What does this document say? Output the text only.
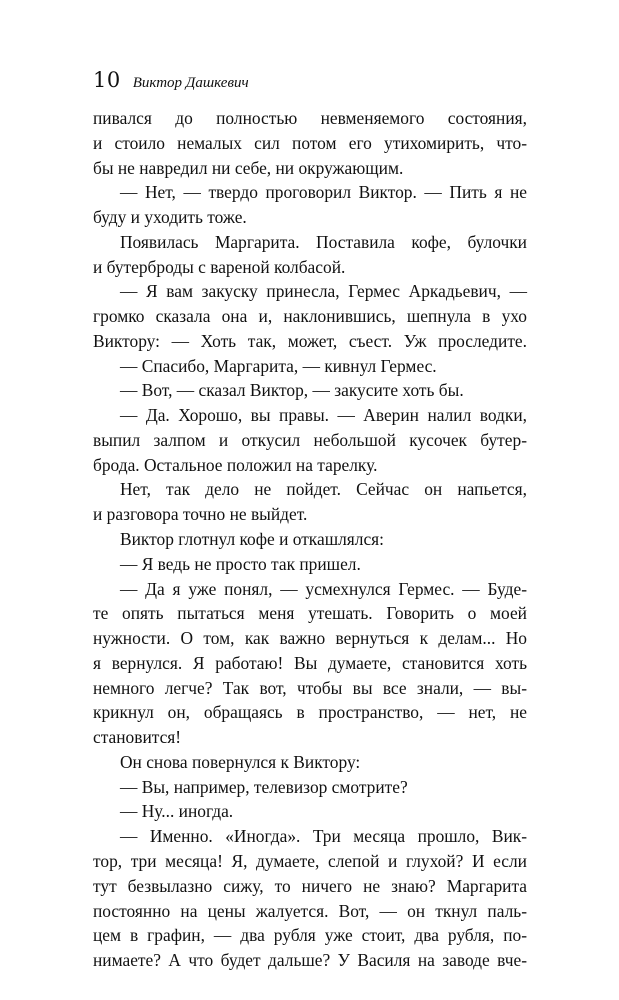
10 Виктор Дашкевич
пивался до полностью невменяемого состояния,
и стоило немалых сил потом его утихомирить, что-
бы не навредил ни себе, ни окружающим.
— Нет, — твердо проговорил Виктор. — Пить я не
буду и уходить тоже.
Появилась Маргарита. Поставила кофе, булочки
и бутерброды с вареной колбасой.
— Я вам закуску принесла, Гермес Аркадьевич, —
громко сказала она и, наклонившись, шепнула в ухо
Виктору: — Хоть так, может, съест. Уж проследите.
— Спасибо, Маргарита, — кивнул Гермес.
— Вот, — сказал Виктор, — закусите хоть бы.
— Да. Хорошо, вы правы. — Аверин налил водки,
выпил залпом и откусил небольшой кусочек бутер-
брода. Остальное положил на тарелку.
Нет, так дело не пойдет. Сейчас он напьется,
и разговора точно не выйдет.
Виктор глотнул кофе и откашлялся:
— Я ведь не просто так пришел.
— Да я уже понял, — усмехнулся Гермес. — Буде-
те опять пытаться меня утешать. Говорить о моей
нужности. О том, как важно вернуться к делам... Но
я вернулся. Я работаю! Вы думаете, становится хоть
немного легче? Так вот, чтобы вы все знали, — вы-
крикнул он, обращаясь в пространство, — нет, не
становится!
Он снова повернулся к Виктору:
— Вы, например, телевизор смотрите?
— Ну... иногда.
— Именно. «Иногда». Три месяца прошло, Вик-
тор, три месяца! Я, думаете, слепой и глухой? И если
тут безвылазно сижу, то ничего не знаю? Маргарита
постоянно на цены жалуется. Вот, — он ткнул паль-
цем в графин, — два рубля уже стоит, два рубля, по-
нимаете? А что будет дальше? У Василя на заводе вче-
